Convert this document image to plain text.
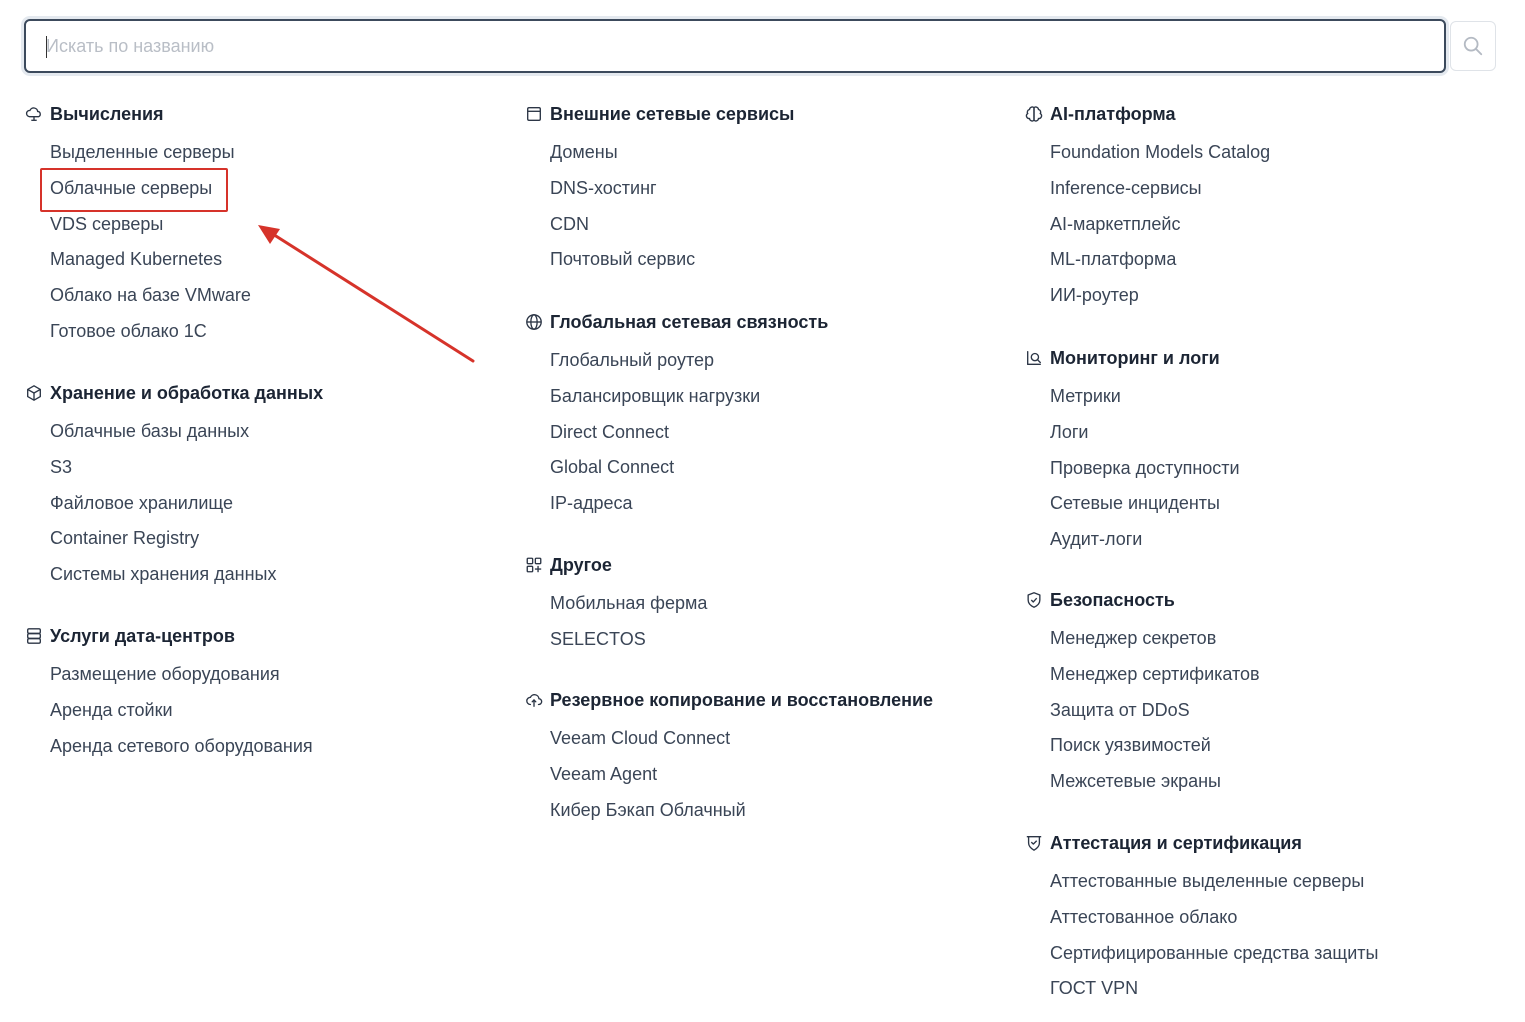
Искать по названию
Вычисления
Выделенные серверы
Облачные серверы
VDS серверы
Managed Kubernetes
Облако на базе VMware
Готовое облако 1С
Хранение и обработка данных
Облачные базы данных
S3
Файловое хранилище
Container Registry
Системы хранения данных
Услуги дата-центров
Размещение оборудования
Аренда стойки
Аренда сетевого оборудования
Внешние сетевые сервисы
Домены
DNS-хостинг
CDN
Почтовый сервис
Глобальная сетевая связность
Глобальный роутер
Балансировщик нагрузки
Direct Connect
Global Connect
IP-адреса
Другое
Мобильная ферма
SELECTOS
Резервное копирование и восстановление
Veeam Cloud Connect
Veeam Agent
Кибер Бэкап Облачный
AI-платформа
Foundation Models Catalog
Inference-сервисы
AI-маркетплейс
ML-платформа
ИИ-роутер
Мониторинг и логи
Метрики
Логи
Проверка доступности
Сетевые инциденты
Аудит-логи
Безопасность
Менеджер секретов
Менеджер сертификатов
Защита от DDoS
Поиск уязвимостей
Межсетевые экраны
Аттестация и сертификация
Аттестованные выделенные серверы
Аттестованное облако
Сертифицированные средства защиты
ГОСТ VPN
